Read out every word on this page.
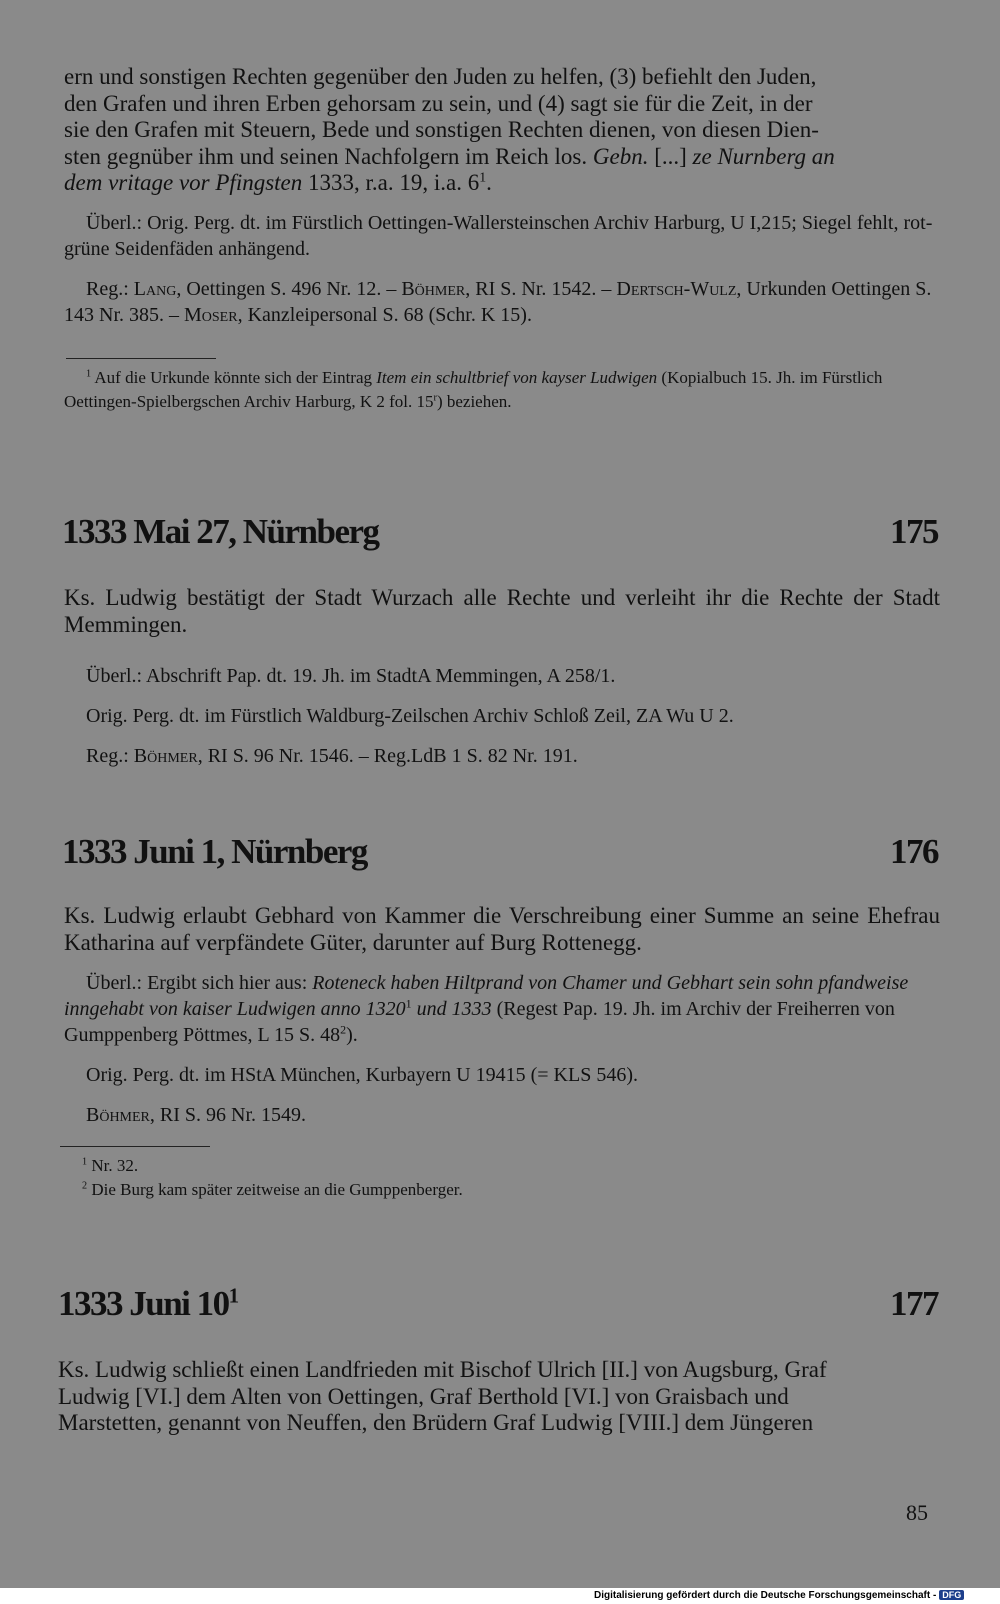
ern und sonstigen Rechten gegenüber den Juden zu helfen, (3) befiehlt den Juden,
den Grafen und ihren Erben gehorsam zu sein, und (4) sagt sie für die Zeit, in der
sie den Grafen mit Steuern, Bede und sonstigen Rechten dienen, von diesen Dien-
sten gegnüber ihm und seinen Nachfolgern im Reich los. Gebn. [...] ze Nurnberg an
dem vritage vor Pfingsten 1333, r.a. 19, i.a. $6^1$.

Überl.: Orig. Perg. dt. im Fürstlich Oettingen-Wallersteinschen Archiv Harburg, U I,215; Siegel fehlt, rot-grüne Seidenfäden anhängend.

Reg.: Lang, Oettingen S. 496 Nr. 12. – Böhmer, RI S. Nr. 1542. – Dertsch-Wulz, Urkunden Oettingen S. 143 Nr. 385. – Moser, Kanzleipersonal S. 68 (Schr. K 15).

$^1$ Auf die Urkunde könnte sich der Eintrag Item ein schultbrief von kayser Ludwigen (Kopialbuch 15. Jh. im Fürstlich Oettingen-Spielbergschen Archiv Harburg, K 2 fol. 15$^r$) beziehen.

1333 Mai 27, Nürnberg	175

Ks. Ludwig bestätigt der Stadt Wurzach alle Rechte und verleiht ihr die Rechte der Stadt Memmingen.

Überl.: Abschrift Pap. dt. 19. Jh. im StadtA Memmingen, A 258/1.

Orig. Perg. dt. im Fürstlich Waldburg-Zeilschen Archiv Schloß Zeil, ZA Wu U 2.

Reg.: Böhmer, RI S. 96 Nr. 1546. – Reg.LdB 1 S. 82 Nr. 191.

1333 Juni 1, Nürnberg	176

Ks. Ludwig erlaubt Gebhard von Kammer die Verschreibung einer Summe an seine Ehefrau Katharina auf verpfändete Güter, darunter auf Burg Rottenegg.

Überl.: Ergibt sich hier aus: Roteneck haben Hiltprand von Chamer und Gebhart sein sohn pfandweise inngehabt von kaiser Ludwigen anno 1320$^1$ und 1333 (Regest Pap. 19. Jh. im Archiv der Freiherren von Gumppenberg Pöttmes, L 15 S. $48^2$).

Orig. Perg. dt. im HStA München, Kurbayern U 19415 (= KLS 546).

Böhmer, RI S. 96 Nr. 1549.

$^1$ Nr. 32.

$^2$ Die Burg kam später zeitweise an die Gumppenberger.

1333 Juni $10^1$	177

Ks. Ludwig schließt einen Landfrieden mit Bischof Ulrich [II.] von Augsburg, Graf
Ludwig [VI.] dem Alten von Oettingen, Graf Berthold [VI.] von Graisbach und
Marstetten, genannt von Neuffen, den Brüdern Graf Ludwig [VIII.] dem Jüngeren

85
Digitalisierung gefördert durch die Deutsche Forschungsgemeinschaft - DFG
